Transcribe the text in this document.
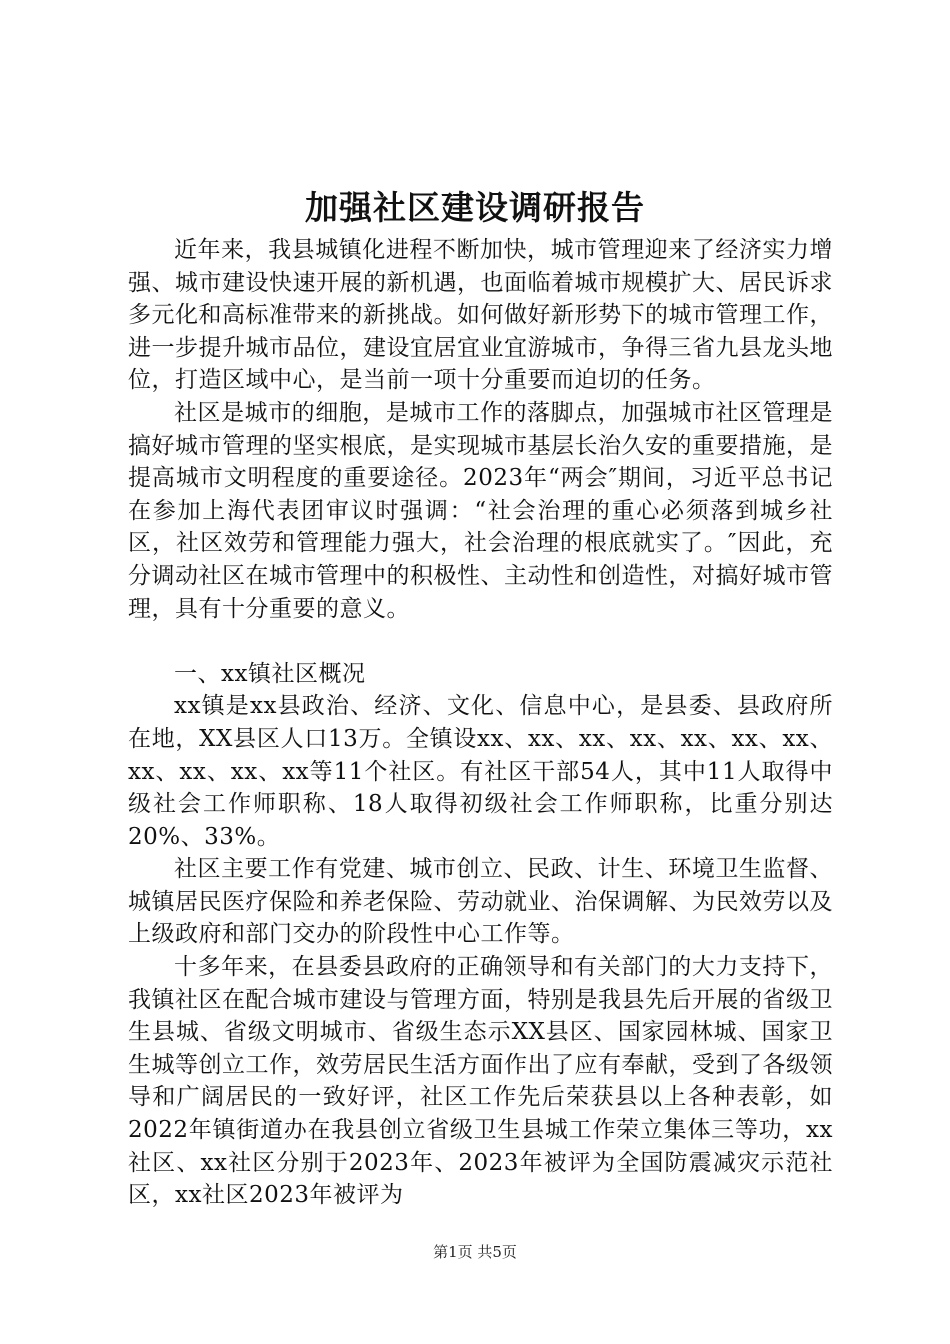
加强社区建设调研报告

近年来，我县城镇化进程不断加快，城市管理迎来了经济实力增强、城市建设快速开展的新机遇，也面临着城市规模扩大、居民诉求多元化和高标准带来的新挑战。如何做好新形势下的城市管理工作，进一步提升城市品位，建设宜居宜业宜游城市，争得三省九县龙头地位，打造区域中心，是当前一项十分重要而迫切的任务。

社区是城市的细胞，是城市工作的落脚点，加强城市社区管理是搞好城市管理的坚实根底，是实现城市基层长治久安的重要措施，是提高城市文明程度的重要途径。2023年“两会″期间，习近平总书记在参加上海代表团审议时强调：“社会治理的重心必须落到城乡社区，社区效劳和管理能力强大，社会治理的根底就实了。″因此，充分调动社区在城市管理中的积极性、主动性和创造性，对搞好城市管理，具有十分重要的意义。

一、xx镇社区概况

xx镇是xx县政治、经济、文化、信息中心，是县委、县政府所在地，XX县区人口13万。全镇设xx、xx、xx、xx、xx、xx、xx、xx、xx、xx、xx等11个社区。有社区干部54人，其中11人取得中级社会工作师职称、18人取得初级社会工作师职称，比重分别达20%、33%。

社区主要工作有党建、城市创立、民政、计生、环境卫生监督、城镇居民医疗保险和养老保险、劳动就业、治保调解、为民效劳以及上级政府和部门交办的阶段性中心工作等。

十多年来，在县委县政府的正确领导和有关部门的大力支持下，我镇社区在配合城市建设与管理方面，特别是我县先后开展的省级卫生县城、省级文明城市、省级生态示XX县区、国家园林城、国家卫生城等创立工作，效劳居民生活方面作出了应有奉献，受到了各级领导和广阔居民的一致好评，社区工作先后荣获县以上各种表彰，如2022年镇街道办在我县创立省级卫生县城工作荣立集体三等功，xx社区、xx社区分别于2023年、2023年被评为全国防震减灾示范社区，xx社区2023年被评为

第1页 共5页
